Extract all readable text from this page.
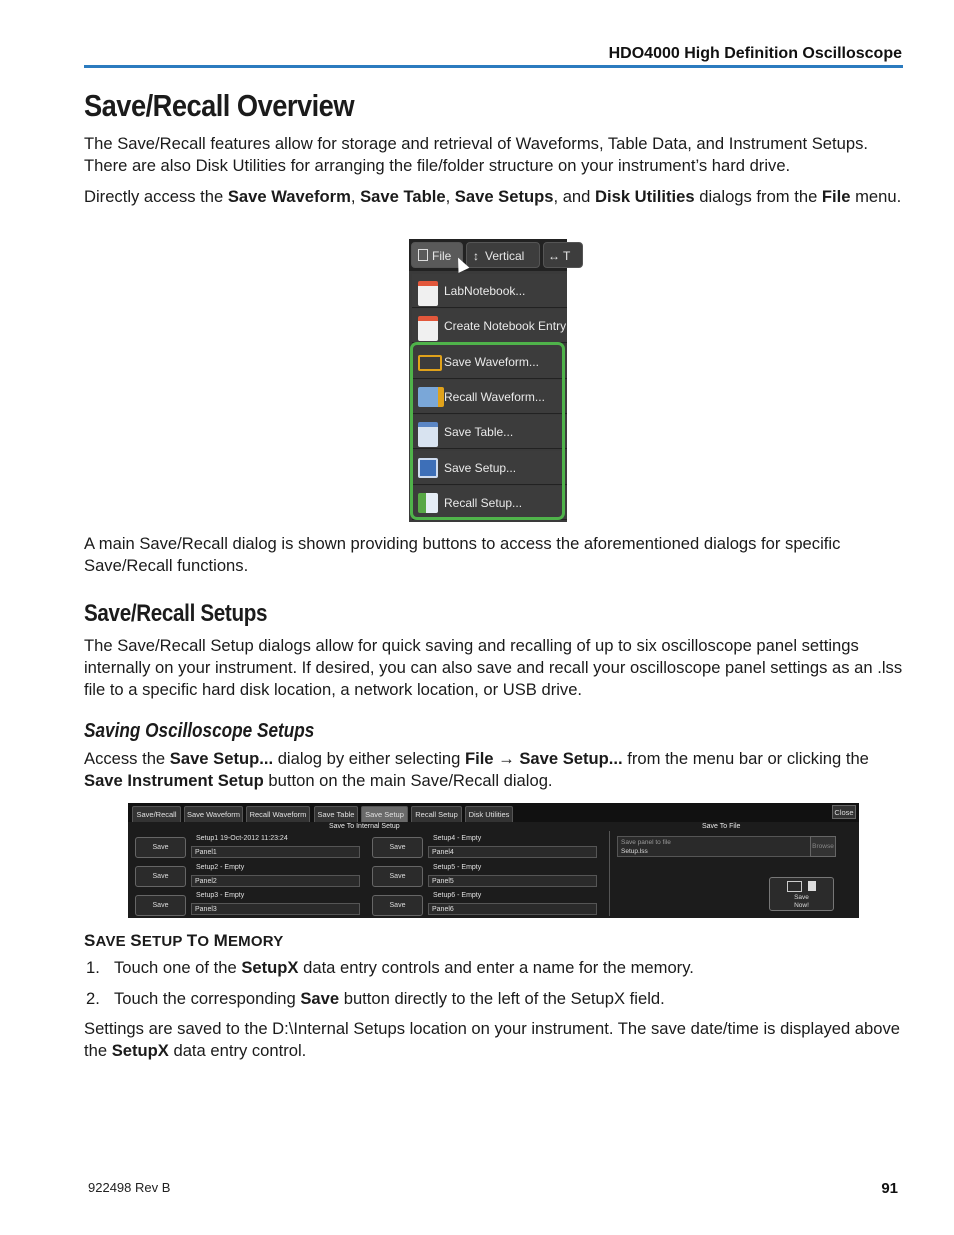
HDO4000 High Definition Oscilloscope
Save/Recall Overview

The Save/Recall features allow for storage and retrieval of Waveforms, Table Data, and Instrument Setups. There are also Disk Utilities for arranging the file/folder structure on your instrument’s hard drive.

Directly access the Save Waveform, Save Table, Save Setups, and Disk Utilities dialogs from the File menu.

File	↕ Vertical	↔ T
LabNotebook...
Create Notebook Entry
Save Waveform...
Recall Waveform...
Save Table...
Save Setup...
Recall Setup...

A main Save/Recall dialog is shown providing buttons to access the aforementioned dialogs for specific Save/Recall functions.

Save/Recall Setups

The Save/Recall Setup dialogs allow for quick saving and recalling of up to six oscilloscope panel settings internally on your instrument. If desired, you can also save and recall your oscilloscope panel settings as an .lss file to a specific hard disk location, a network location, or USB drive.

Saving Oscilloscope Setups

Access the Save Setup... dialog by either selecting File → Save Setup... from the menu bar or clicking the Save Instrument Setup button on the main Save/Recall dialog.

Save/Recall	Save Waveform	Recall Waveform	Save Table	Save Setup	Recall Setup	Disk Utilities	Close
Save To Internal Setup	Save To File
Save
Setup1 19-Oct-2012 11:23:24
Panel1
Save
Setup2 - Empty
Panel2
Save
Setup3 - Empty
Panel3
Save
Setup4 - Empty
Panel4
Save
Setup5 - Empty
Panel5
Save
Setup6 - Empty
Panel6
Save panel to file
Setup.lss
Browse
Save
Now!
SAVE SETUP TO MEMORY
1. Touch one of the SetupX data entry controls and enter a name for the memory.
2. Touch the corresponding Save button directly to the left of the SetupX field.

Settings are saved to the D:\Internal Setups location on your instrument. The save date/time is displayed above the SetupX data entry control.

922498 Rev B	91
